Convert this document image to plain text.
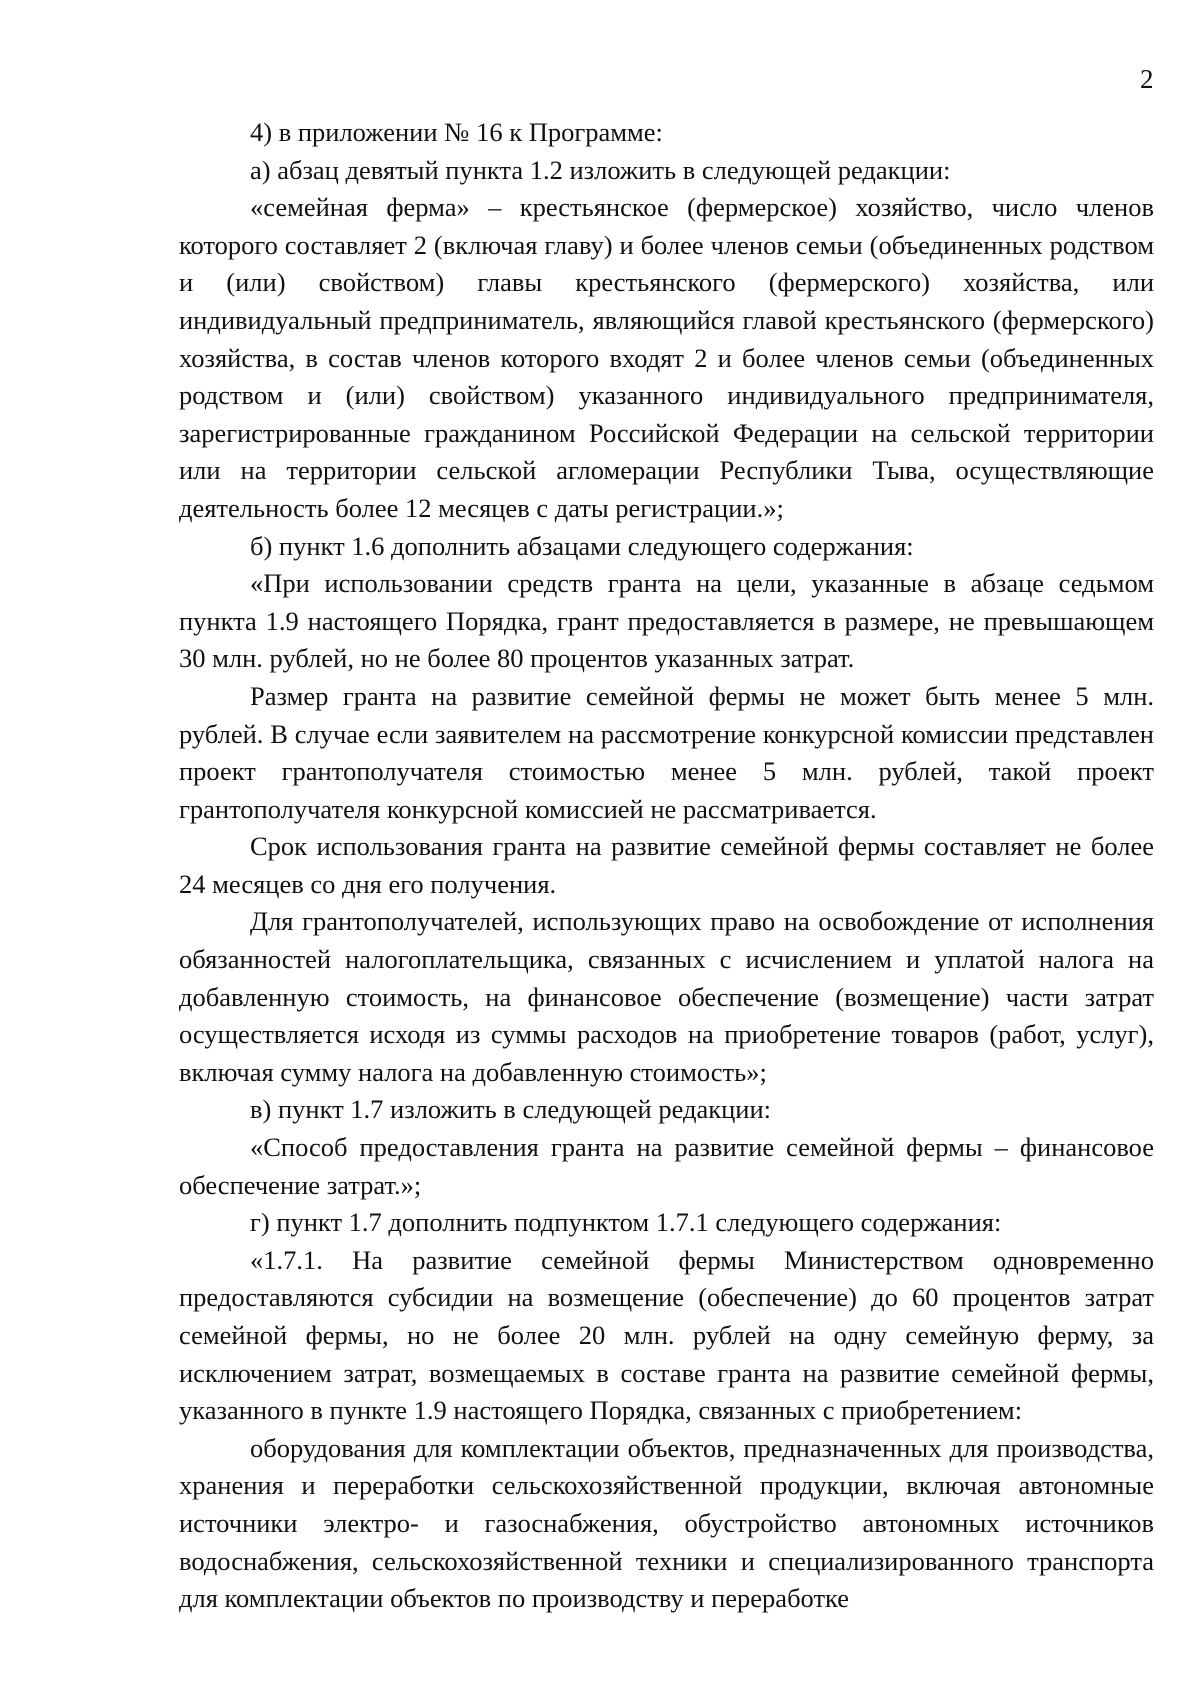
2

4) в приложении № 16 к Программе:

а) абзац девятый пункта 1.2 изложить в следующей редакции:

«семейная ферма» – крестьянское (фермерское) хозяйство, число членов которого составляет 2 (включая главу) и более членов семьи (объединенных родством и (или) свойством) главы крестьянского (фермерского) хозяйства, или индивидуальный предприниматель, являющийся главой крестьянского (фермерского) хозяйства, в состав членов которого входят 2 и более членов семьи (объединенных родством и (или) свойством) указанного индивидуального предпринимателя, зарегистрированные гражданином Российской Федерации на сельской территории или на территории сельской агломерации Республики Тыва, осуществляющие деятельность более 12 месяцев с даты регистрации.»;

б) пункт 1.6 дополнить абзацами следующего содержания:

«При использовании средств гранта на цели, указанные в абзаце седьмом пункта 1.9 настоящего Порядка, грант предоставляется в размере, не превышающем 30 млн. рублей, но не более 80 процентов указанных затрат.

Размер гранта на развитие семейной фермы не может быть менее 5 млн. рублей. В случае если заявителем на рассмотрение конкурсной комиссии представлен проект грантополучателя стоимостью менее 5 млн. рублей, такой проект грантополучателя конкурсной комиссией не рассматривается.

Срок использования гранта на развитие семейной фермы составляет не более 24 месяцев со дня его получения.

Для грантополучателей, использующих право на освобождение от исполнения обязанностей налогоплательщика, связанных с исчислением и уплатой налога на добавленную стоимость, на финансовое обеспечение (возмещение) части затрат осуществляется исходя из суммы расходов на приобретение товаров (работ, услуг), включая сумму налога на добавленную стоимость»;

в) пункт 1.7 изложить в следующей редакции:

«Способ предоставления гранта на развитие семейной фермы – финансовое обеспечение затрат.»;

г) пункт 1.7 дополнить подпунктом 1.7.1 следующего содержания:

«1.7.1. На развитие семейной фермы Министерством одновременно предоставляются субсидии на возмещение (обеспечение) до 60 процентов затрат семейной фермы, но не более 20 млн. рублей на одну семейную ферму, за исключением затрат, возмещаемых в составе гранта на развитие семейной фермы, указанного в пункте 1.9 настоящего Порядка, связанных с приобретением:

оборудования для комплектации объектов, предназначенных для производства, хранения и переработки сельскохозяйственной продукции, включая автономные источники электро- и газоснабжения, обустройство автономных источников водоснабжения, сельскохозяйственной техники и специализированного транспорта для комплектации объектов по производству и переработке
